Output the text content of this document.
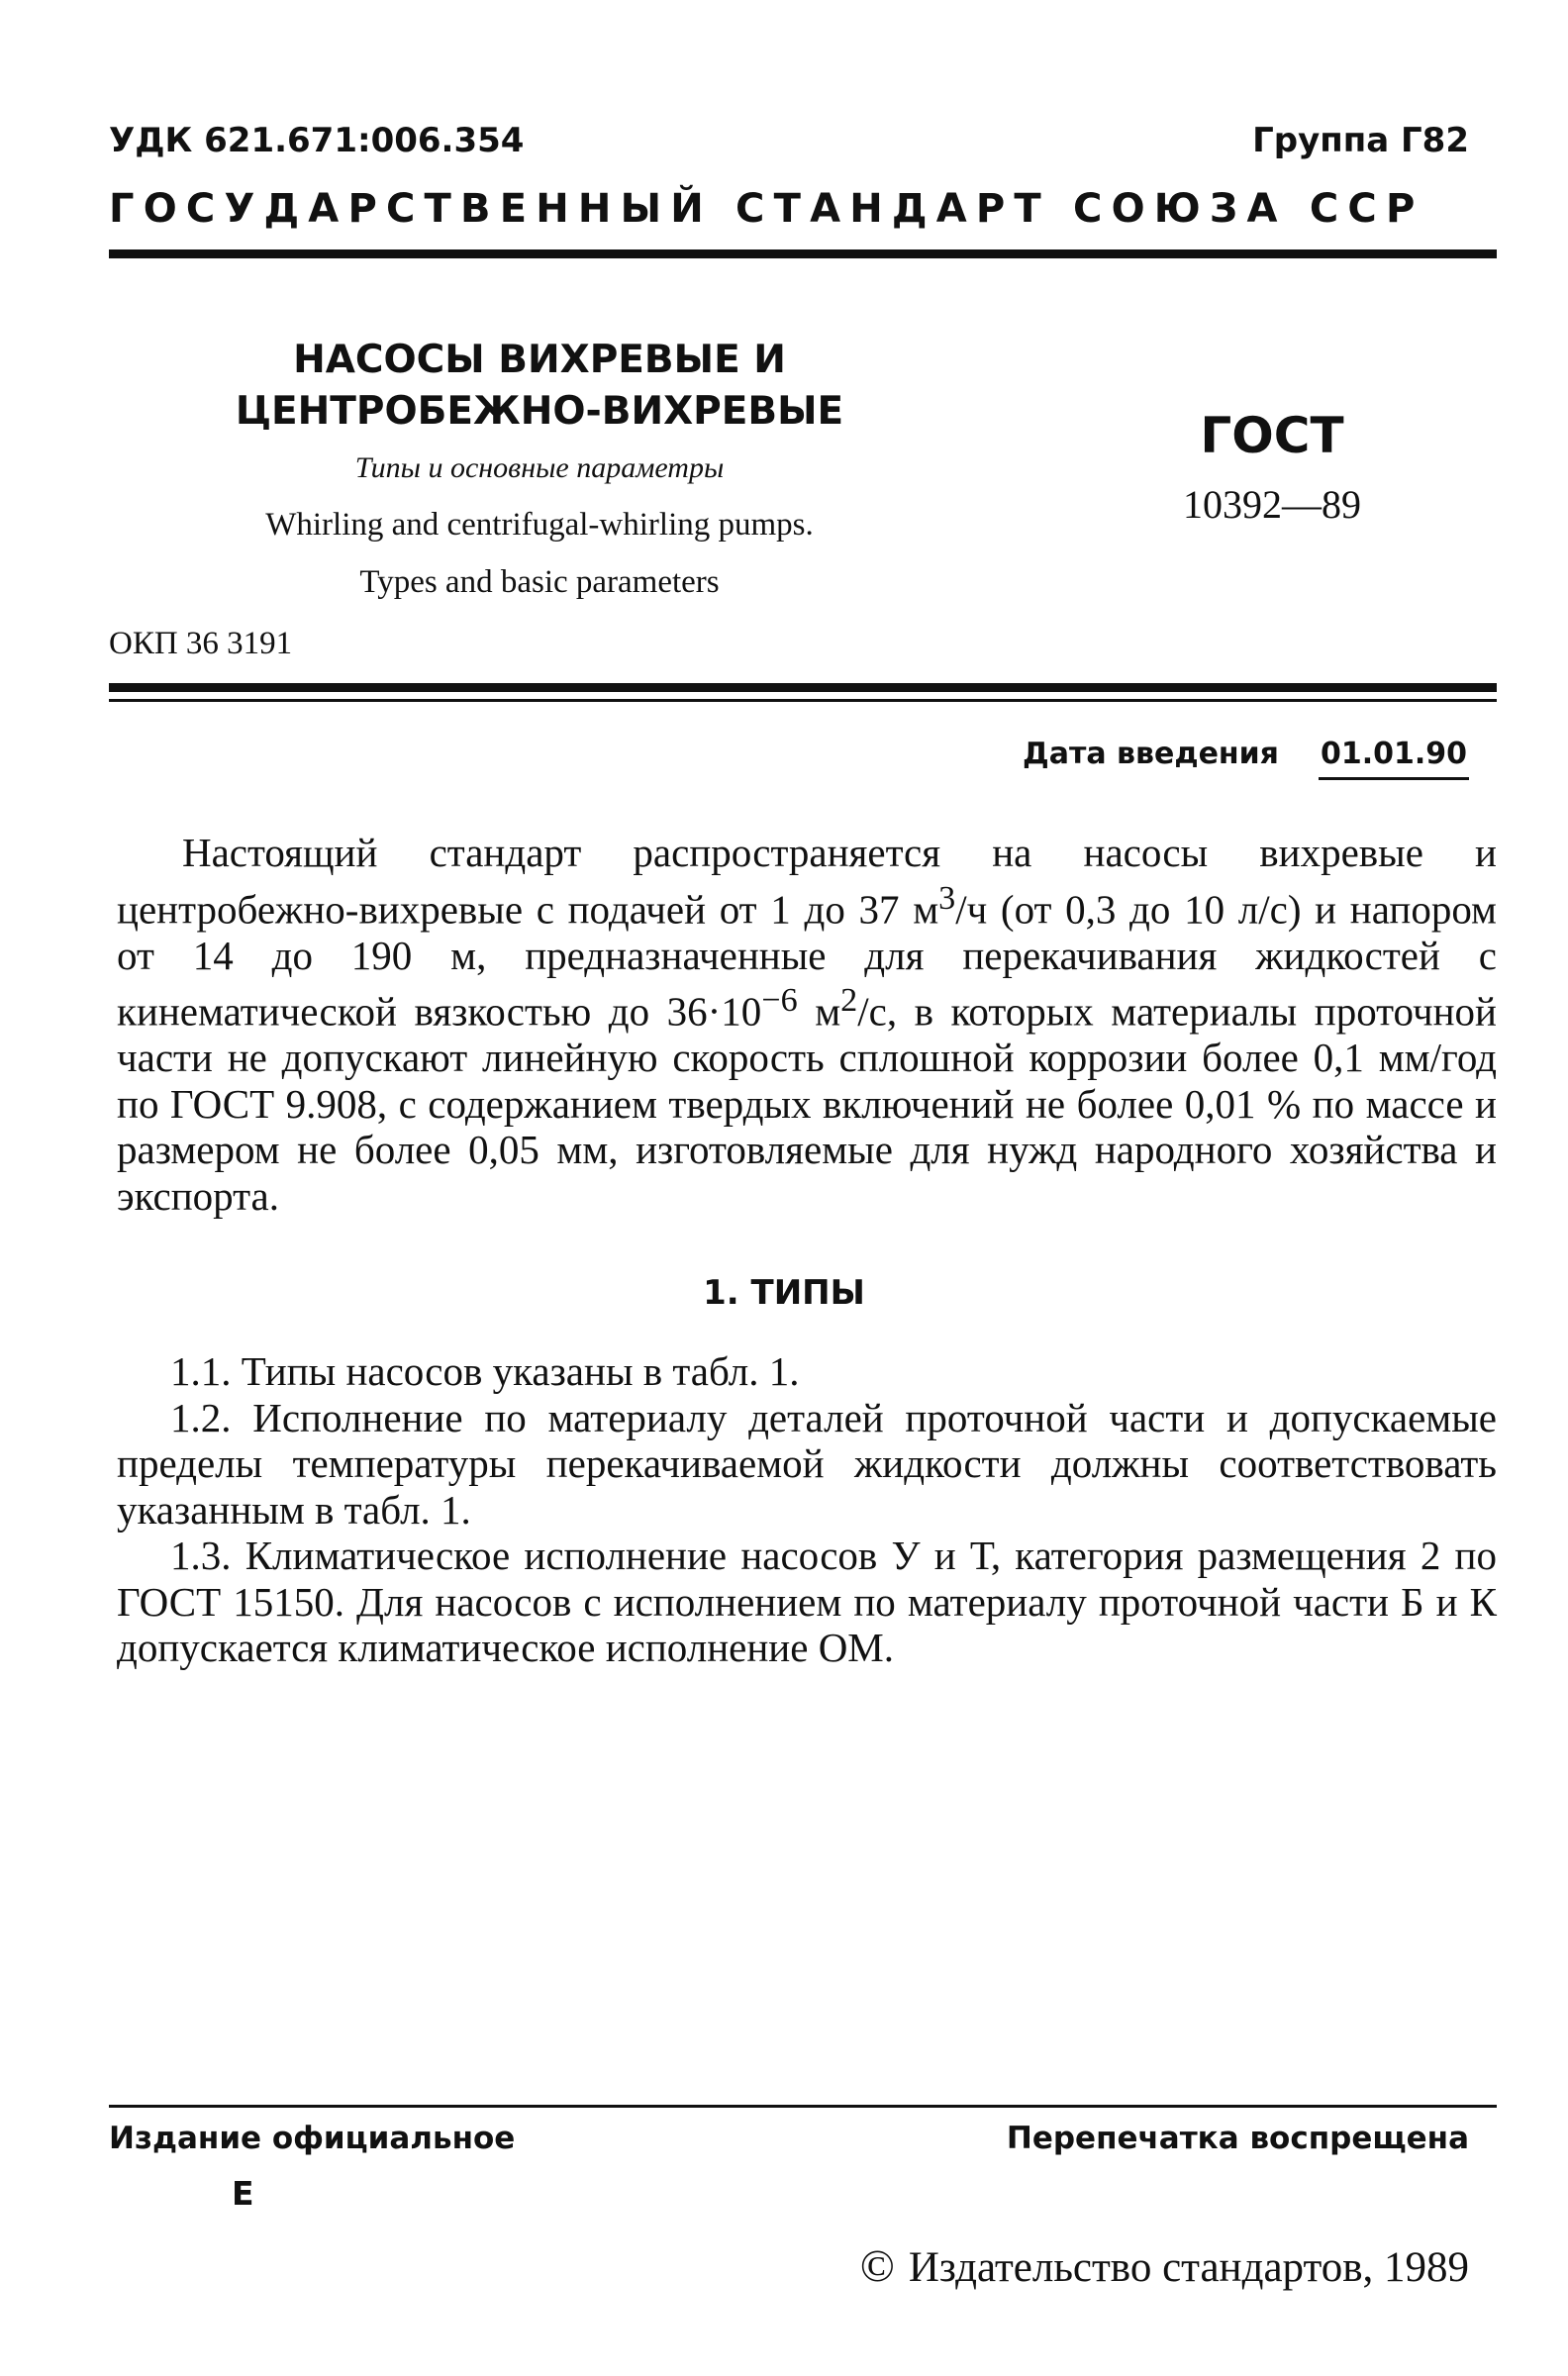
УДК 621.671:006.354	Группа Г82
ГОСУДАРСТВЕННЫЙ СТАНДАРТ СОЮЗА ССР
НАСОСЫ ВИХРЕВЫЕ И
ЦЕНТРОБЕЖНО-ВИХРЕВЫЕ
Типы и основные параметры
Whirling and centrifugal-whirling pumps.
Types and basic parameters
ГОСТ
10392—89
ОКП 36 3191
Дата введения 01.01.90
Настоящий стандарт распространяется на насосы вихревые и центробежно-вихревые с подачей от 1 до 37 $м^3/ч$ (от 0,3 до 10 л/с) и напором от 14 до 190 м, предназначенные для перекачивания жидкостей с кинематической вязкостью до $36\cdot 10^{-6}$ $м^2/с$, в которых материалы проточной части не допускают линейную скорость сплошной коррозии более 0,1 мм/год по ГОСТ 9.908, с содержанием твердых включений не более 0,01 % по массе и размером не более 0,05 мм, изготовляемые для нужд народного хозяйства и экспорта.
1. ТИПЫ

1.1. Типы насосов указаны в табл. 1.

1.2. Исполнение по материалу деталей проточной части и допускаемые пределы температуры перекачиваемой жидкости должны соответствовать указанным в табл. 1.

1.3. Климатическое исполнение насосов У и Т, категория размещения 2 по ГОСТ 15150. Для насосов с исполнением по материалу проточной части Б и К допускается климатическое исполнение ОМ.

Издание официальное	Перепечатка воспрещена
Е
© Издательство стандартов, 1989
